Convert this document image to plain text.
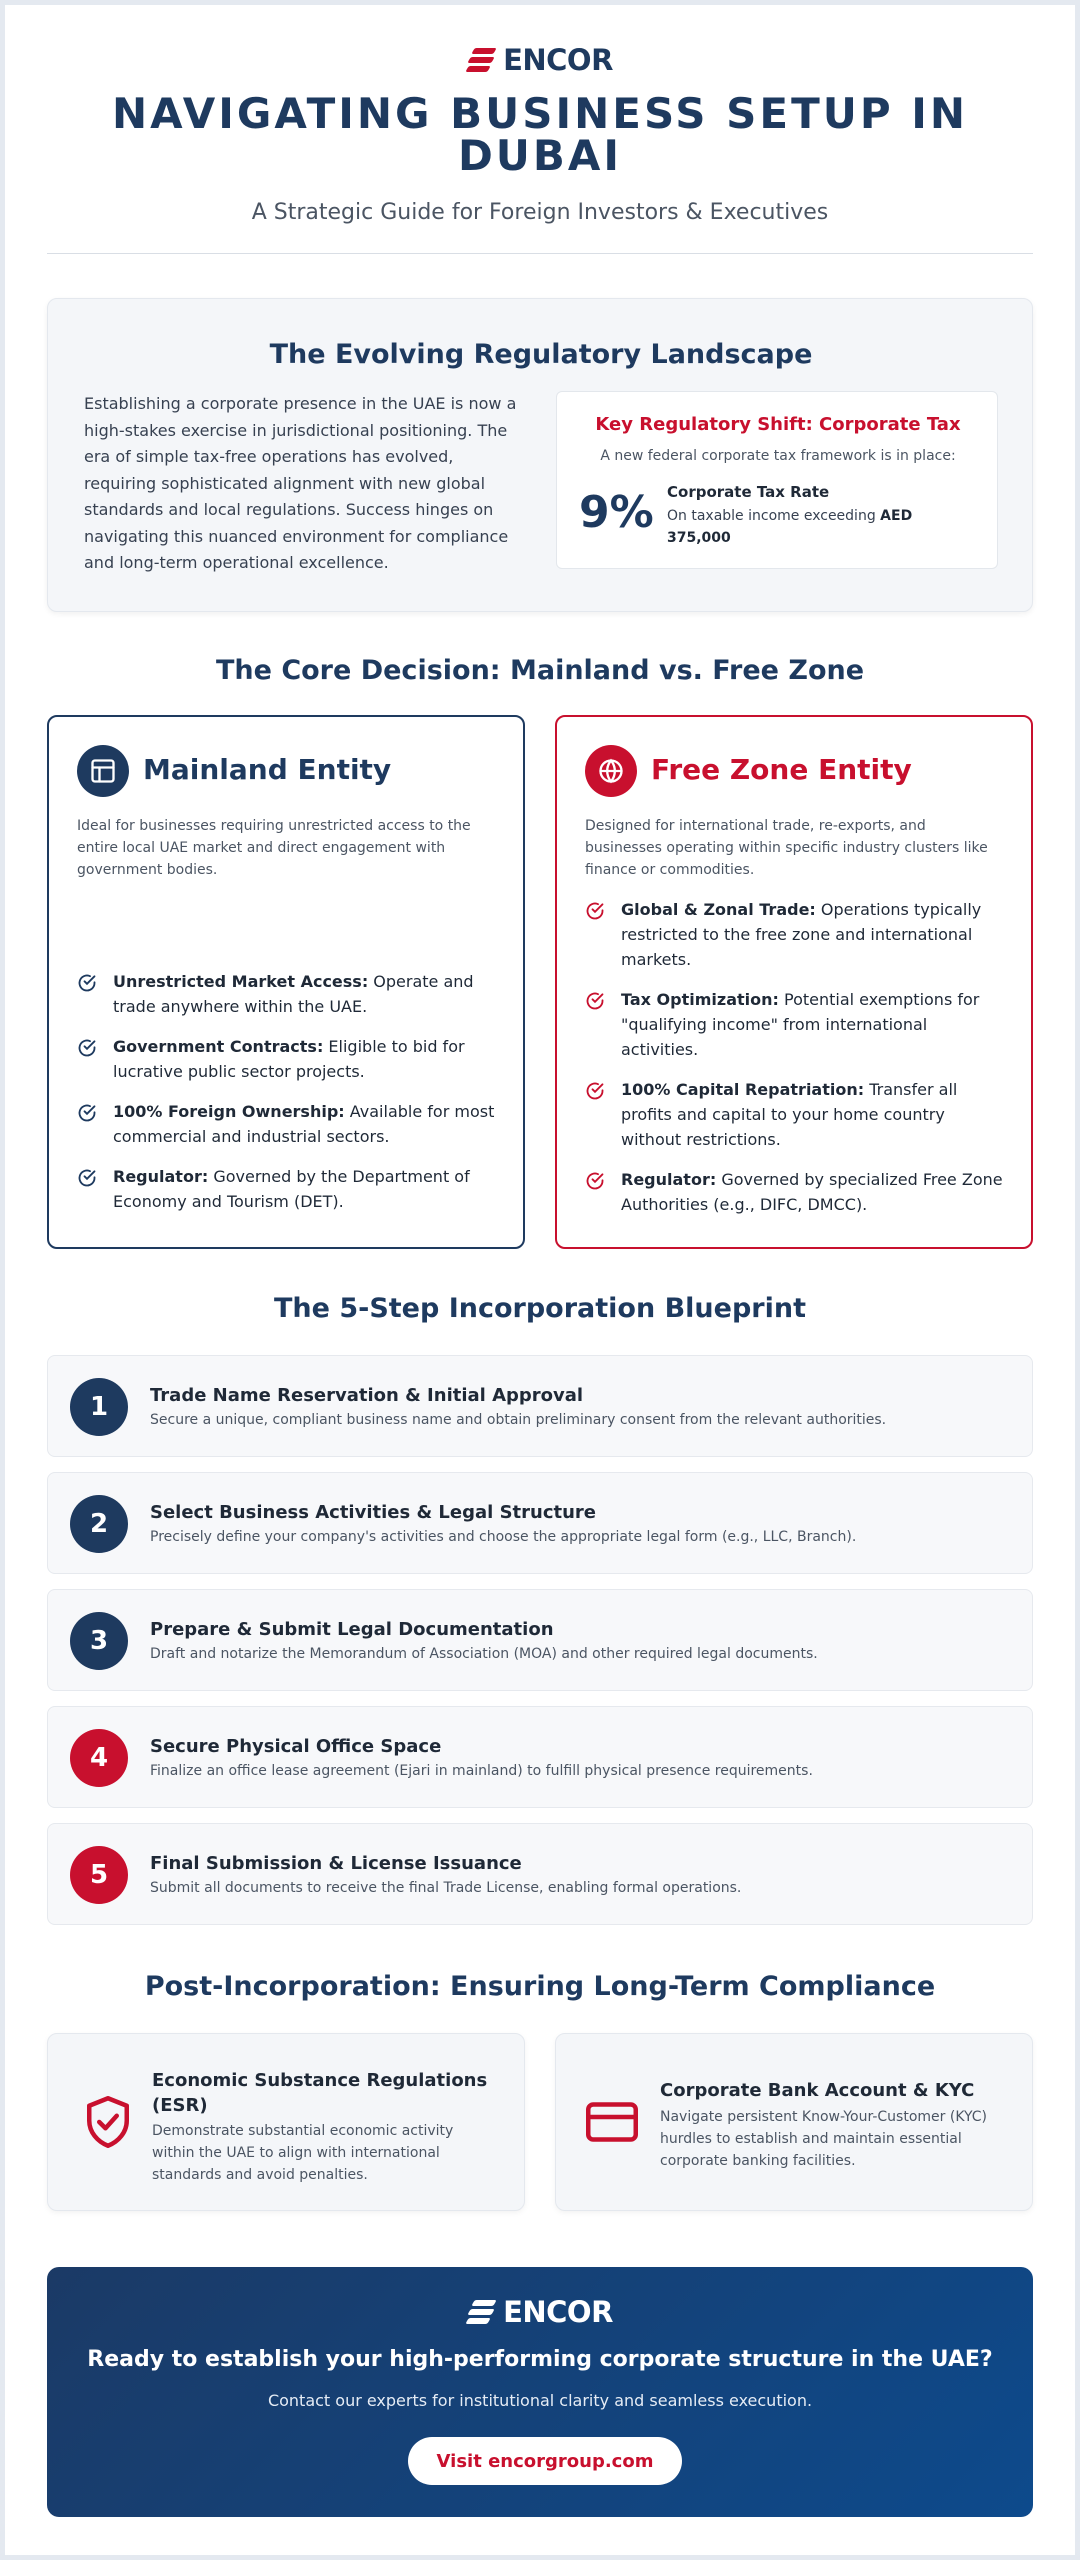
ENCOR
NAVIGATING BUSINESS SETUP IN DUBAI
A Strategic Guide for Foreign Investors & Executives
The Evolving Regulatory Landscape

Establishing a corporate presence in the UAE is now a high-stakes exercise in jurisdictional positioning. The era of simple tax-free operations has evolved, requiring sophisticated alignment with new global standards and local regulations. Success hinges on navigating this nuanced environment for compliance and long-term operational excellence.

Key Regulatory Shift: Corporate Tax
A new federal corporate tax framework is in place:
9% Corporate Tax Rate
On taxable income exceeding AED 375,000
The Core Decision: Mainland vs. Free Zone
Mainland Entity

Ideal for businesses requiring unrestricted access to the entire local UAE market and direct engagement with government bodies.

Unrestricted Market Access: Operate and trade anywhere within the UAE.
Government Contracts: Eligible to bid for lucrative public sector projects.
100% Foreign Ownership: Available for most commercial and industrial sectors.
Regulator: Governed by the Department of Economy and Tourism (DET).
Free Zone Entity

Designed for international trade, re-exports, and businesses operating within specific industry clusters like finance or commodities.

Global & Zonal Trade: Operations typically restricted to the free zone and international markets.
Tax Optimization: Potential exemptions for "qualifying income" from international activities.
100% Capital Repatriation: Transfer all profits and capital to your home country without restrictions.
Regulator: Governed by specialized Free Zone Authorities (e.g., DIFC, DMCC).
The 5-Step Incorporation Blueprint
1	Trade Name Reservation & Initial Approval
Secure a unique, compliant business name and obtain preliminary consent from the relevant authorities.
2	Select Business Activities & Legal Structure
Precisely define your company's activities and choose the appropriate legal form (e.g., LLC, Branch).
3	Prepare & Submit Legal Documentation
Draft and notarize the Memorandum of Association (MOA) and other required legal documents.
4	Secure Physical Office Space
Finalize an office lease agreement (Ejari in mainland) to fulfill physical presence requirements.
5	Final Submission & License Issuance
Submit all documents to receive the final Trade License, enabling formal operations.
Post-Incorporation: Ensuring Long-Term Compliance
Economic Substance Regulations (ESR)
Demonstrate substantial economic activity within the UAE to align with international standards and avoid penalties.
Corporate Bank Account & KYC
Navigate persistent Know-Your-Customer (KYC) hurdles to establish and maintain essential corporate banking facilities.
ENCOR
Ready to establish your high-performing corporate structure in the UAE?
Contact our experts for institutional clarity and seamless execution.
Visit encorgroup.com
